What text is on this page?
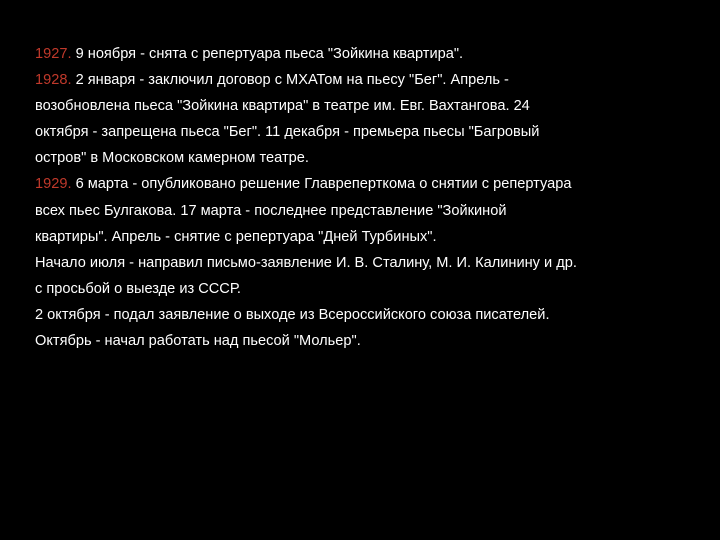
1927. 9 ноября - снята с репертуара пьеса "Зойкина квартира".
1928. 2 января - заключил договор с МХАТом на пьесу "Бег". Апрель -
возобновлена пьеса "Зойкина квартира" в театре им. Евг. Вахтангова. 24
октября - запрещена пьеса "Бег". 11 декабря - премьера пьесы "Багровый
остров" в Московском камерном театре.
1929. 6 марта - опубликовано решение Главреперткома о снятии с репертуара
всех пьес Булгакова. 17 марта - последнее представление "Зойкиной
квартиры". Апрель - снятие с репертуара "Дней Турбиных".
Начало июля - направил письмо-заявление И. В. Сталину, М. И. Калинину и др.
с просьбой о выезде из СССР.
2 октября - подал заявление о выходе из Всероссийского союза писателей.
Октябрь - начал работать над пьесой "Мольер".
